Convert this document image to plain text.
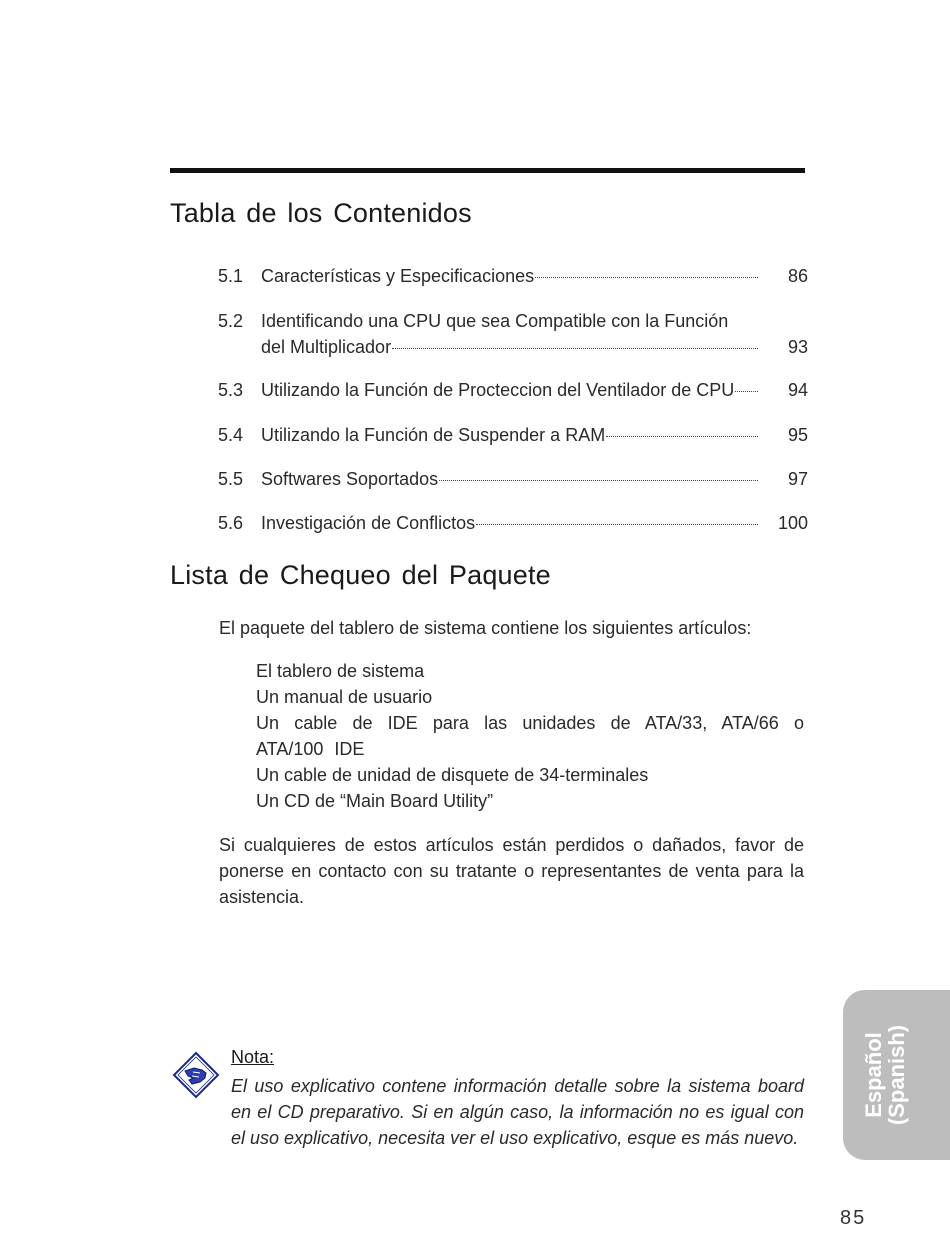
Tabla de los Contenidos
5.1 Características y Especificaciones	86
5.2 Identificando una CPU que sea Compatible con la Función
del Multiplicador	93
5.3 Utilizando la Función de Procteccion del Ventilador de CPU	94
5.4 Utilizando la Función de Suspender a RAM	95
5.5 Softwares Soportados	97
5.6 Investigación de Conflictos	100
Lista de Chequeo del Paquete

El paquete del tablero de sistema contiene los siguientes artículos:

El tablero de sistema
Un manual de usuario
Un cable de IDE para las unidades de ATA/33, ATA/66 o ATA/100 IDE
Un cable de unidad de disquete de 34-terminales
Un CD de “Main Board Utility”

Si cualquieres de estos artículos están perdidos o dañados, favor de ponerse en contacto con su tratante o representantes de venta para la asistencia.

Nota:

El uso explicativo contene información detalle sobre la sistema board en el CD preparativo. Si en algún caso, la información no es igual con el uso explicativo, necesita ver el uso explicativo, esque es más nuevo.

Español
(Spanish)
85
